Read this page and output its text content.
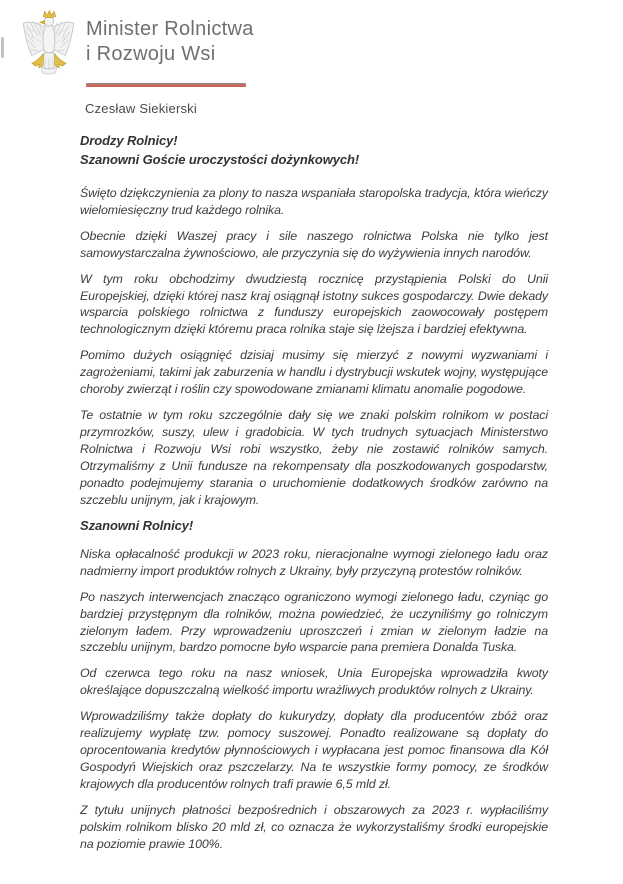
Minister Rolnictwa
i Rozwoju Wsi
Czesław Siekierski

Drodzy Rolnicy!

Szanowni Goście uroczystości dożynkowych!

Święto dziękczynienia za plony to nasza wspaniała staropolska tradycja, która wieńczy wielomiesięczny trud każdego rolnika.

Obecnie dzięki Waszej pracy i sile naszego rolnictwa Polska nie tylko jest samowystarczalna żywnościowo, ale przyczynia się do wyżywienia innych narodów.

W tym roku obchodzimy dwudziestą rocznicę przystąpienia Polski do Unii Europejskiej, dzięki której nasz kraj osiągnął istotny sukces gospodarczy. Dwie dekady wsparcia polskiego rolnictwa z funduszy europejskich zaowocowały postępem technologicznym dzięki któremu praca rolnika staje się lżejsza i bardziej efektywna.

Pomimo dużych osiągnięć dzisiaj musimy się mierzyć z nowymi wyzwaniami i zagrożeniami, takimi jak zaburzenia w handlu i dystrybucji wskutek wojny, występujące choroby zwierząt i roślin czy spowodowane zmianami klimatu anomalie pogodowe.

Te ostatnie w tym roku szczególnie dały się we znaki polskim rolnikom w postaci przymrozków, suszy, ulew i gradobicia. W tych trudnych sytuacjach Ministerstwo Rolnictwa i Rozwoju Wsi robi wszystko, żeby nie zostawić rolników samych. Otrzymaliśmy z Unii fundusze na rekompensaty dla poszkodowanych gospodarstw, ponadto podejmujemy starania o uruchomienie dodatkowych środków zarówno na szczeblu unijnym, jak i krajowym.

Szanowni Rolnicy!

Niska opłacalność produkcji w 2023 roku, nieracjonalne wymogi zielonego ładu oraz nadmierny import produktów rolnych z Ukrainy, były przyczyną protestów rolników.

Po naszych interwencjach znacząco ograniczono wymogi zielonego ładu, czyniąc go bardziej przystępnym dla rolników, można powiedzieć, że uczyniliśmy go rolniczym zielonym ładem. Przy wprowadzeniu uproszczeń i zmian w zielonym ładzie na szczeblu unijnym, bardzo pomocne było wsparcie pana premiera Donalda Tuska.

Od czerwca tego roku na nasz wniosek, Unia Europejska wprowadziła kwoty określające dopuszczalną wielkość importu wrażliwych produktów rolnych z Ukrainy.

Wprowadziliśmy także dopłaty do kukurydzy, dopłaty dla producentów zbóż oraz realizujemy wypłatę tzw. pomocy suszowej. Ponadto realizowane są dopłaty do oprocentowania kredytów płynnościowych i wypłacana jest pomoc finansowa dla Kół Gospodyń Wiejskich oraz pszczelarzy. Na te wszystkie formy pomocy, ze środków krajowych dla producentów rolnych trafi prawie 6,5 mld zł.

Z tytułu unijnych płatności bezpośrednich i obszarowych za 2023 r. wypłaciliśmy polskim rolnikom blisko 20 mld zł, co oznacza że wykorzystaliśmy środki europejskie na poziomie prawie 100%.
